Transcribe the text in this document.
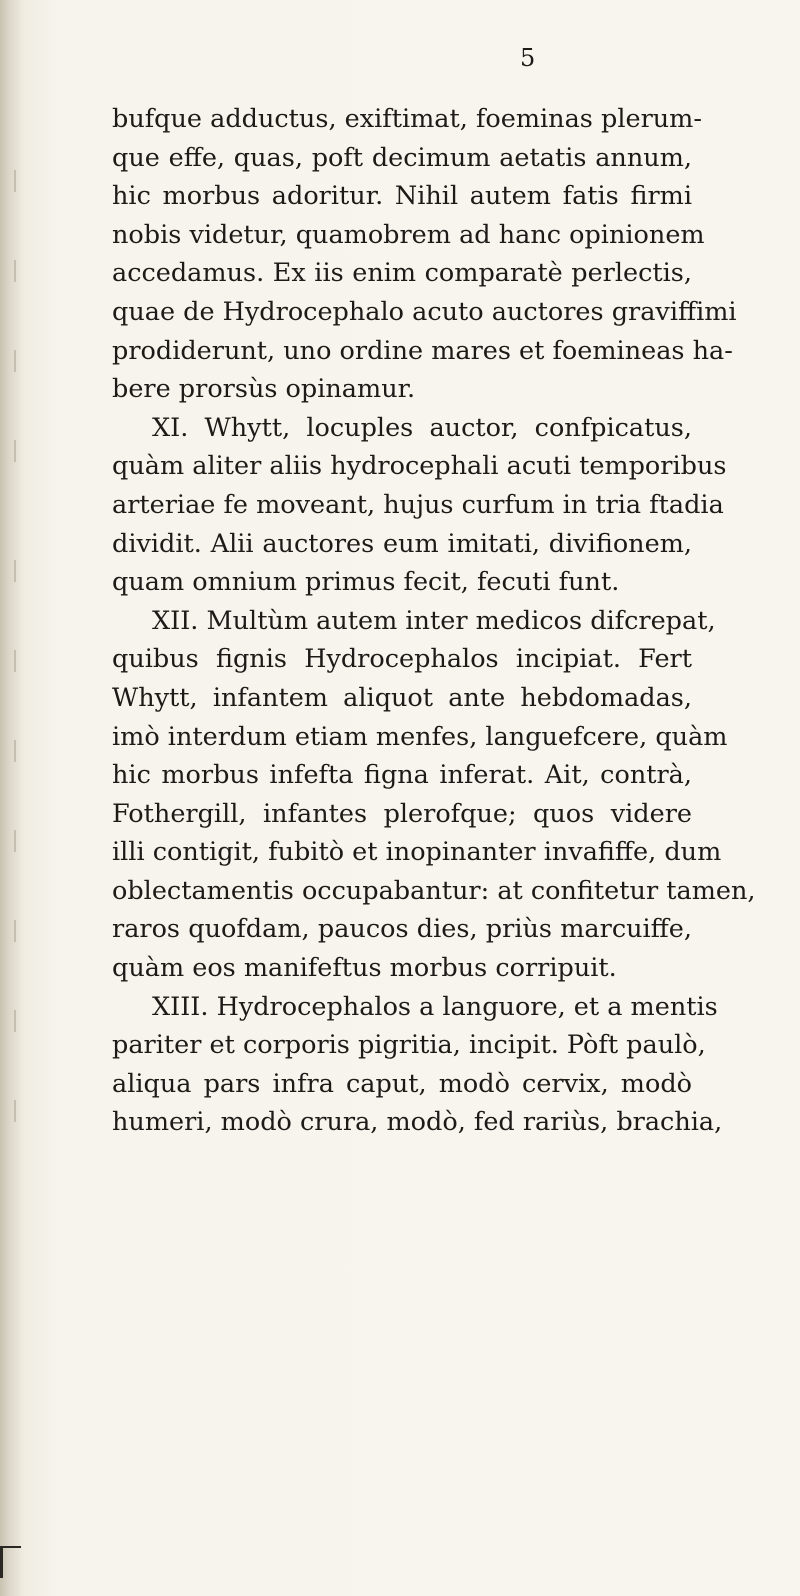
5
bufque adductus, exiftimat, foeminas plerum-
que effe, quas, poft decimum aetatis annum,
hic morbus adoritur. Nihil autem fatis firmi
nobis videtur, quamobrem ad hanc opinionem
accedamus. Ex iis enim comparatè perlectis,
quae de Hydrocephalo acuto auctores graviffimi
prodiderunt, uno ordine mares et foemineas ha-
bere prorsùs opinamur.
XI. Whytt, locuples auctor, confpicatus,
quàm aliter aliis hydrocephali acuti temporibus
arteriae fe moveant, hujus curfum in tria ftadia
dividit. Alii auctores eum imitati, divifionem,
quam omnium primus fecit, fecuti funt.
XII. Multùm autem inter medicos difcrepat,
quibus fignis Hydrocephalos incipiat. Fert
Whytt, infantem aliquot ante hebdomadas,
imò interdum etiam menfes, languefcere, quàm
hic morbus infefta figna inferat. Ait, contrà,
Fothergill, infantes plerofque; quos videre
illi contigit, fubitò et inopinanter invafiffe, dum
oblectamentis occupabantur: at confitetur tamen,
raros quofdam, paucos dies, priùs marcuiffe,
quàm eos manifeftus morbus corripuit.
XIII. Hydrocephalos a languore, et a mentis
pariter et corporis pigritia, incipit. Pòft paulò,
aliqua pars infra caput, modò cervix, modò
humeri, modò crura, modò, fed rariùs, brachia,
